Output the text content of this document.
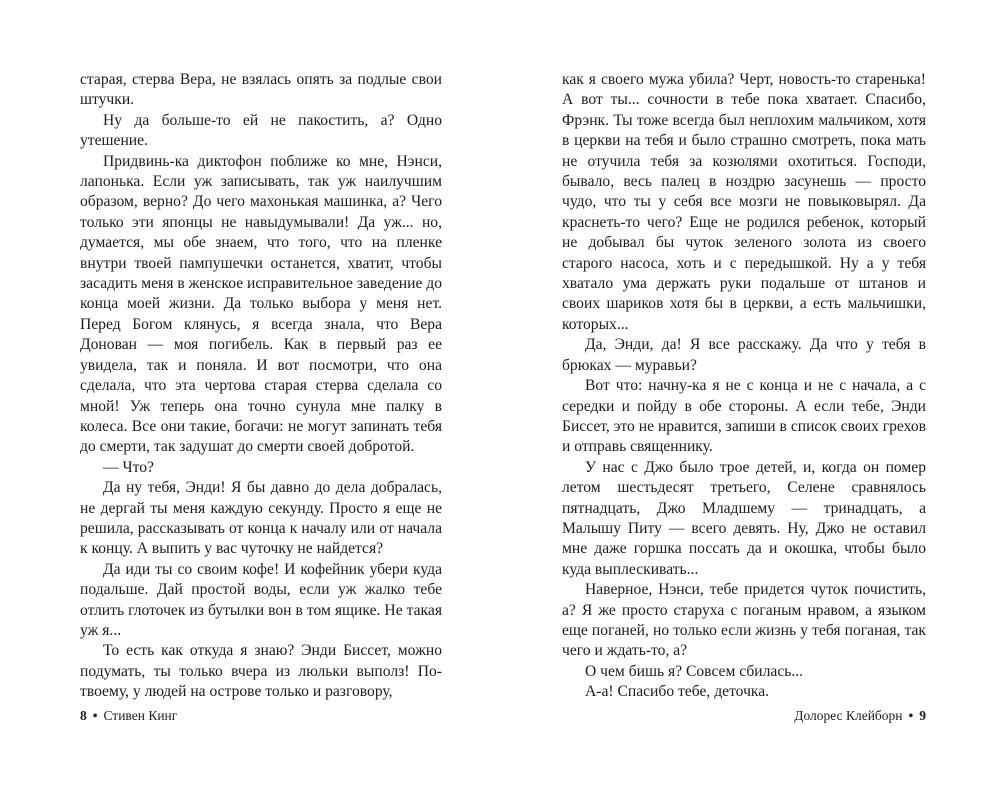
старая, стерва Вера, не взялась опять за подлые свои штучки.

Ну да больше-то ей не пакостить, а? Одно утешение.

Придвинь-ка диктофон поближе ко мне, Нэнси, лапонька. Если уж записывать, так уж наилучшим образом, верно? До чего махонькая машинка, а? Чего только эти японцы не навыдумывали! Да уж... но, думается, мы обе знаем, что того, что на пленке внутри твоей пампушечки останется, хватит, чтобы засадить меня в женское исправительное заведение до конца моей жизни. Да только выбора у меня нет. Перед Богом клянусь, я всегда знала, что Вера Донован — моя погибель. Как в первый раз ее увидела, так и поняла. И вот посмотри, что она сделала, что эта чертова старая стерва сделала со мной! Уж теперь она точно сунула мне палку в колеса. Все они такие, богачи: не могут запинать тебя до смерти, так задушат до смерти своей добротой.

— Что?

Да ну тебя, Энди! Я бы давно до дела добралась, не дергай ты меня каждую секунду. Просто я еще не решила, рассказывать от конца к началу или от начала к концу. А выпить у вас чуточку не найдется?

Да иди ты со своим кофе! И кофейник убери куда подальше. Дай простой воды, если уж жалко тебе отлить глоточек из бутылки вон в том ящике. Не такая уж я...

То есть как откуда я знаю? Энди Биссет, можно подумать, ты только вчера из люльки выполз! По-твоему, у людей на острове только и разговору,

как я своего мужа убила? Черт, новость-то старенька! А вот ты... сочности в тебе пока хватает. Спасибо, Фрэнк. Ты тоже всегда был неплохим мальчиком, хотя в церкви на тебя и было страшно смотреть, пока мать не отучила тебя за козюлями охотиться. Господи, бывало, весь палец в ноздрю засунешь — просто чудо, что ты у себя все мозги не повыковырял. Да краснеть-то чего? Еще не родился ребенок, который не добывал бы чуток зеленого золота из своего старого насоса, хоть и с передышкой. Ну а у тебя хватало ума держать руки подальше от штанов и своих шариков хотя бы в церкви, а есть мальчишки, которых...

Да, Энди, да! Я все расскажу. Да что у тебя в брюках — муравьи?

Вот что: начну-ка я не с конца и не с начала, а с середки и пойду в обе стороны. А если тебе, Энди Биссет, это не нравится, запиши в список своих грехов и отправь священнику.

У нас с Джо было трое детей, и, когда он помер летом шестьдесят третьего, Селене сравнялось пятнадцать, Джо Младшему — тринадцать, а Малышу Питу — всего девять. Ну, Джо не оставил мне даже горшка поссать да и окошка, чтобы было куда выплескивать...

Наверное, Нэнси, тебе придется чуток почистить, а? Я же просто старуха с поганым нравом, а языком еще поганей, но только если жизнь у тебя поганая, так чего и ждать-то, а?

О чем бишь я? Совсем сбилась...

А-а! Спасибо тебе, деточка.

8 • Стивен Кинг	Долорес Клейборн • 9
